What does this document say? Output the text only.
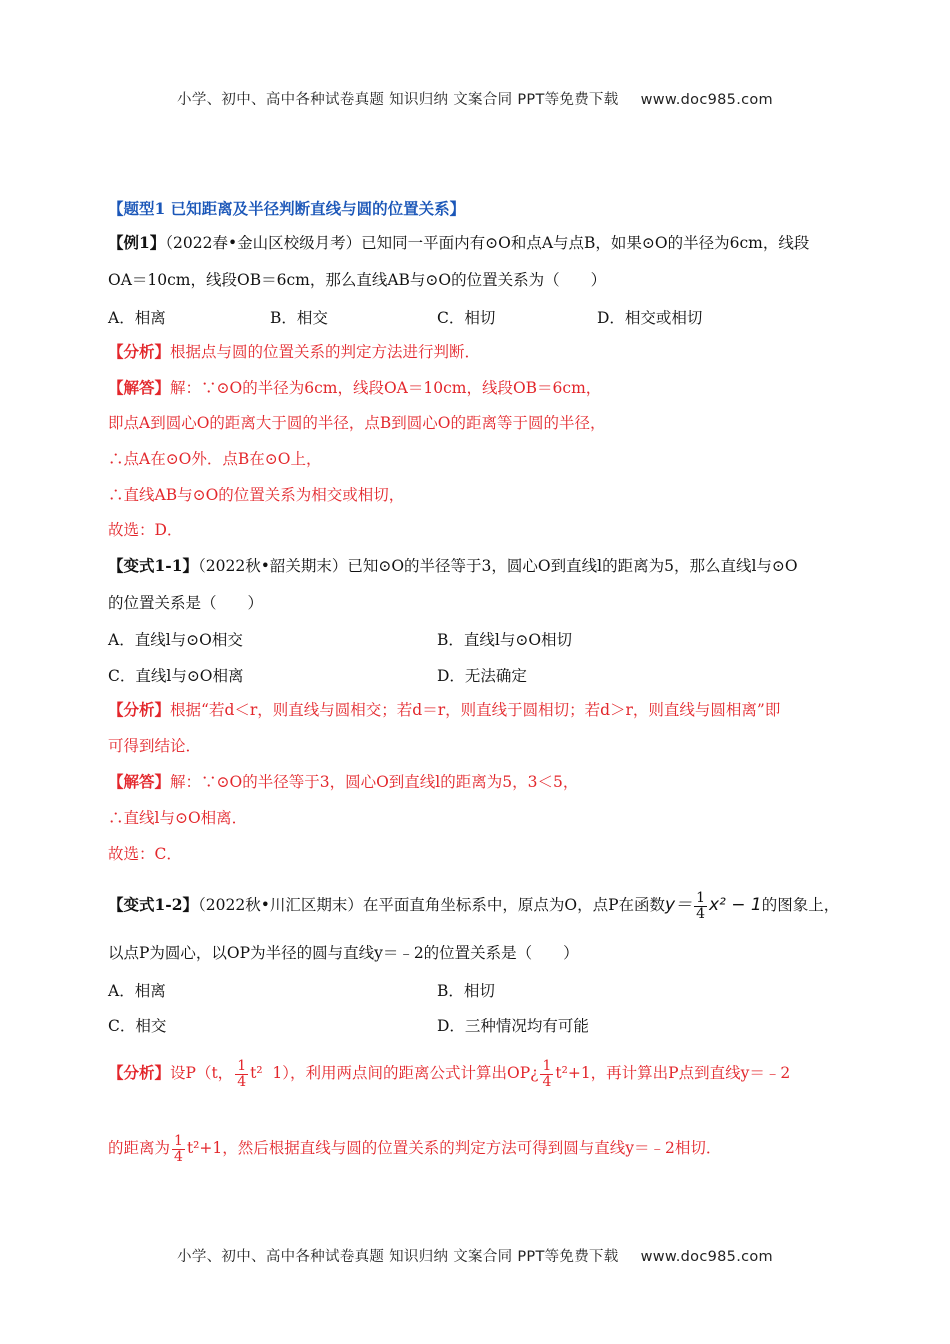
小学、初中、高中各种试卷真题 知识归纳 文案合同 PPT等免费下载 www.doc985.com
【题型1 已知距离及半径判断直线与圆的位置关系】
【例1】（2022春•金山区校级月考）已知同一平面内有⊙O和点A与点B，如果⊙O的半径为6cm，线段
OA＝10cm，线段OB＝6cm，那么直线AB与⊙O的位置关系为（　　）
A．相离	B．相交	C．相切	D．相交或相切
【分析】根据点与圆的位置关系的判定方法进行判断．
【解答】解：∵⊙O的半径为6cm，线段OA＝10cm，线段OB＝6cm，
即点A到圆心O的距离大于圆的半径，点B到圆心O的距离等于圆的半径，
∴点A在⊙O外．点B在⊙O上，
∴直线AB与⊙O的位置关系为相交或相切，
故选：D．
【变式1-1】（2022秋•韶关期末）已知⊙O的半径等于3，圆心O到直线l的距离为5，那么直线l与⊙O
的位置关系是（　　）
A．直线l与⊙O相交	B．直线l与⊙O相切
C．直线l与⊙O相离	D．无法确定
【分析】根据“若d＜r，则直线与圆相交；若d＝r，则直线于圆相切；若d＞r，则直线与圆相离”即
可得到结论．
【解答】解：∵⊙O的半径等于3，圆心O到直线l的距离为5，3＜5，
∴直线l与⊙O相离．
故选：C．
【变式1-2】（2022秋•川汇区期末）在平面直角坐标系中，原点为O，点P在函数$y= \frac{1}{4} x^2 - 1$的图象上，
以点P为圆心，以OP为半径的圆与直线y＝﹣2的位置关系是（　　）
A．相离	B．相切
C．相交	D．三种情况均有可能
【分析】设P（t， $\frac{1}{4} t^2$ 1），利用两点间的距离公式计算出OP¿ $\frac{1}{4} t^2+1$，再计算出P点到直线y＝﹣2
的距离为 $\frac{1}{4} t^2+1$，然后根据直线与圆的位置关系的判定方法可得到圆与直线y＝﹣2相切．
小学、初中、高中各种试卷真题 知识归纳 文案合同 PPT等免费下载 www.doc985.com
